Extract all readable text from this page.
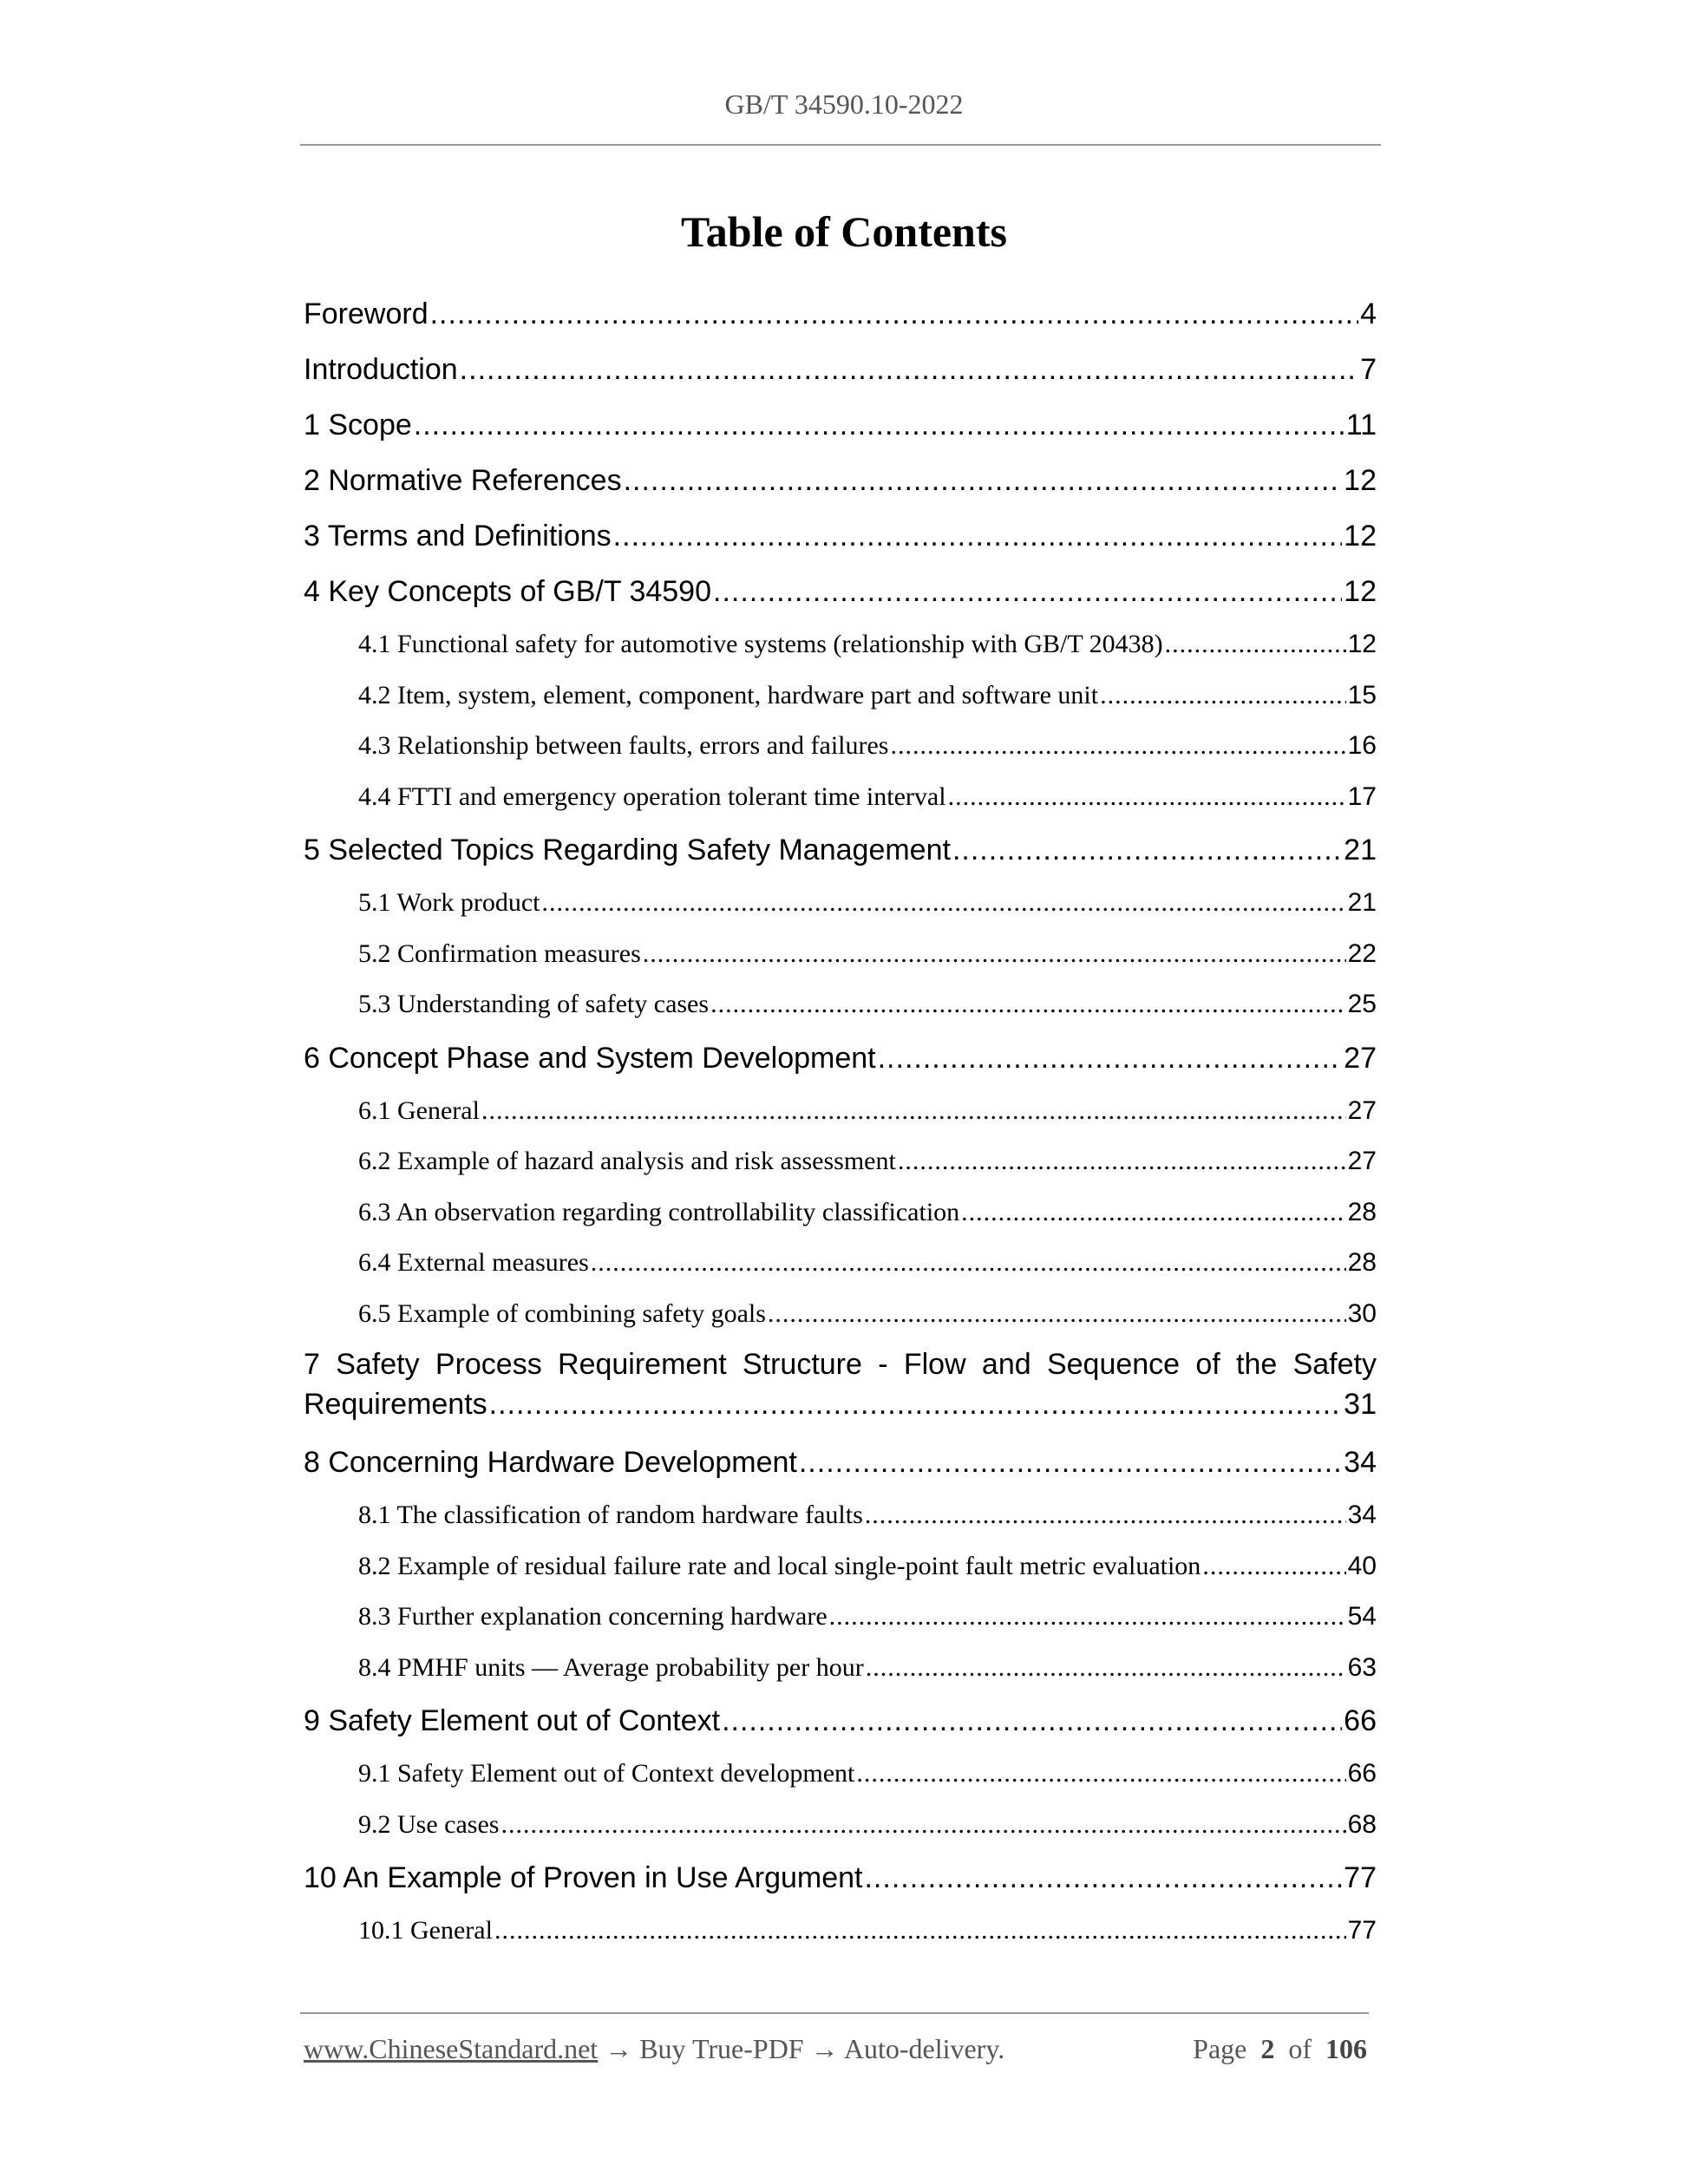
GB/T 34590.10-2022
Table of Contents
Foreword .....	4
Introduction .....	7
1 Scope .....	11
2 Normative References .....	12
3 Terms and Definitions .....	12
4 Key Concepts of GB/T 34590 .....	12
4.1 Functional safety for automotive systems (relationship with GB/T 20438) .....	12
4.2 Item, system, element, component, hardware part and software unit .....	15
4.3 Relationship between faults, errors and failures .....	16
4.4 FTTI and emergency operation tolerant time interval .....	17
5 Selected Topics Regarding Safety Management .....	21
5.1 Work product .....	21
5.2 Confirmation measures .....	22
5.3 Understanding of safety cases .....	25
6 Concept Phase and System Development .....	27
6.1 General .....	27
6.2 Example of hazard analysis and risk assessment .....	27
6.3 An observation regarding controllability classification .....	28
6.4 External measures .....	28
6.5 Example of combining safety goals .....	30
7 Safety Process Requirement Structure - Flow and Sequence of the Safety
Requirements .....	31
8 Concerning Hardware Development .....	34
8.1 The classification of random hardware faults .....	34
8.2 Example of residual failure rate and local single-point fault metric evaluation .....	40
8.3 Further explanation concerning hardware .....	54
8.4 PMHF units — Average probability per hour .....	63
9 Safety Element out of Context .....	66
9.1 Safety Element out of Context development .....	66
9.2 Use cases .....	68
10 An Example of Proven in Use Argument .....	77
10.1 General .....	77
www.ChineseStandard.net → Buy True-PDF → Auto-delivery.	Page 2 of 106
